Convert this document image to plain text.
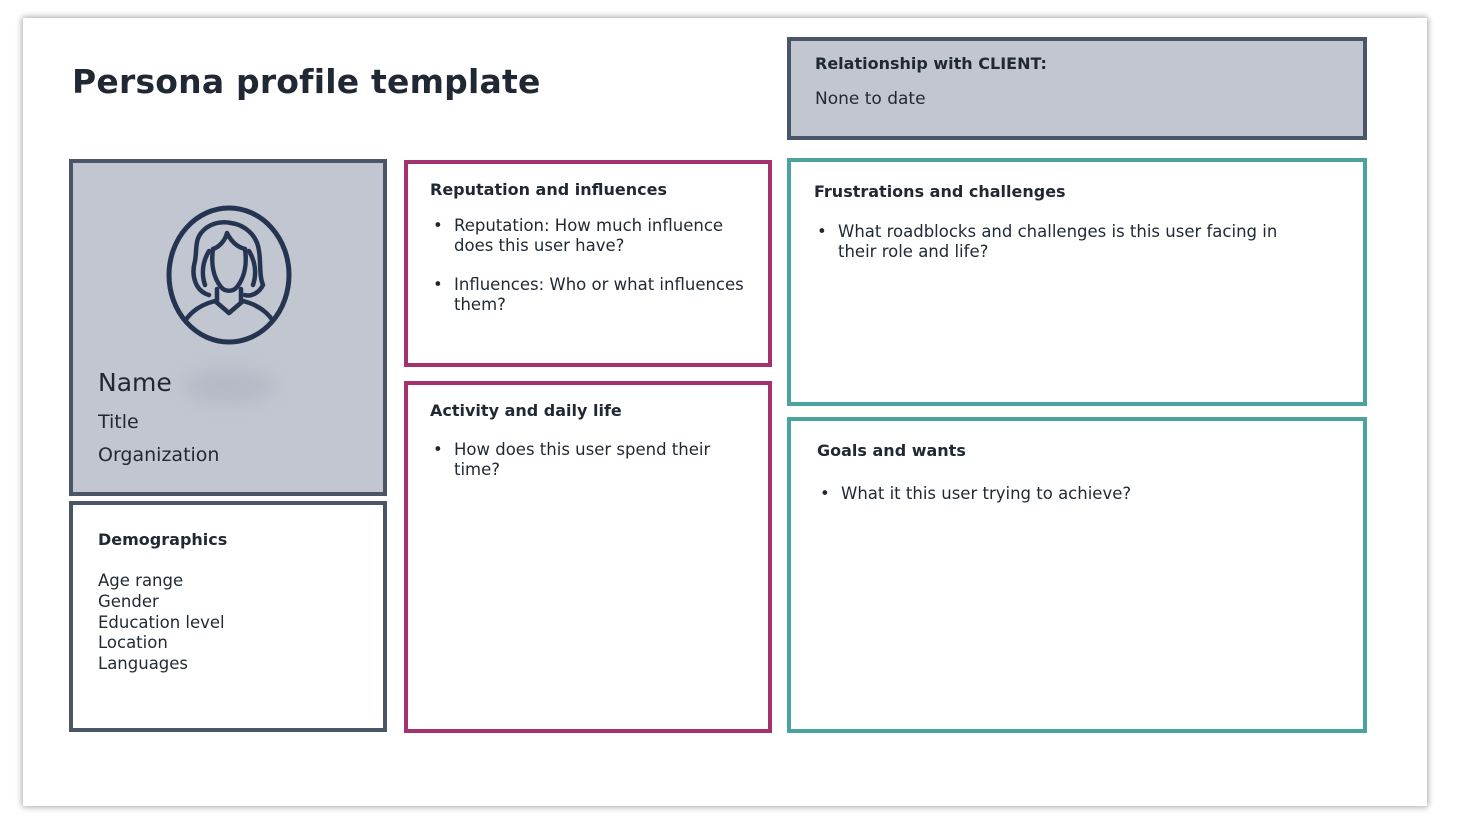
Persona profile template	Relationship with CLIENT:
None to date
Name
Title
Organization
Demographics
Age range
Gender
Education level
Location
Languages
Reputation and influences
• Reputation: How much influence does this user have?
• Influences: Who or what influences them?
Activity and daily life
• How does this user spend their time?
Frustrations and challenges
• What roadblocks and challenges is this user facing in their role and life?
Goals and wants
• What it this user trying to achieve?
